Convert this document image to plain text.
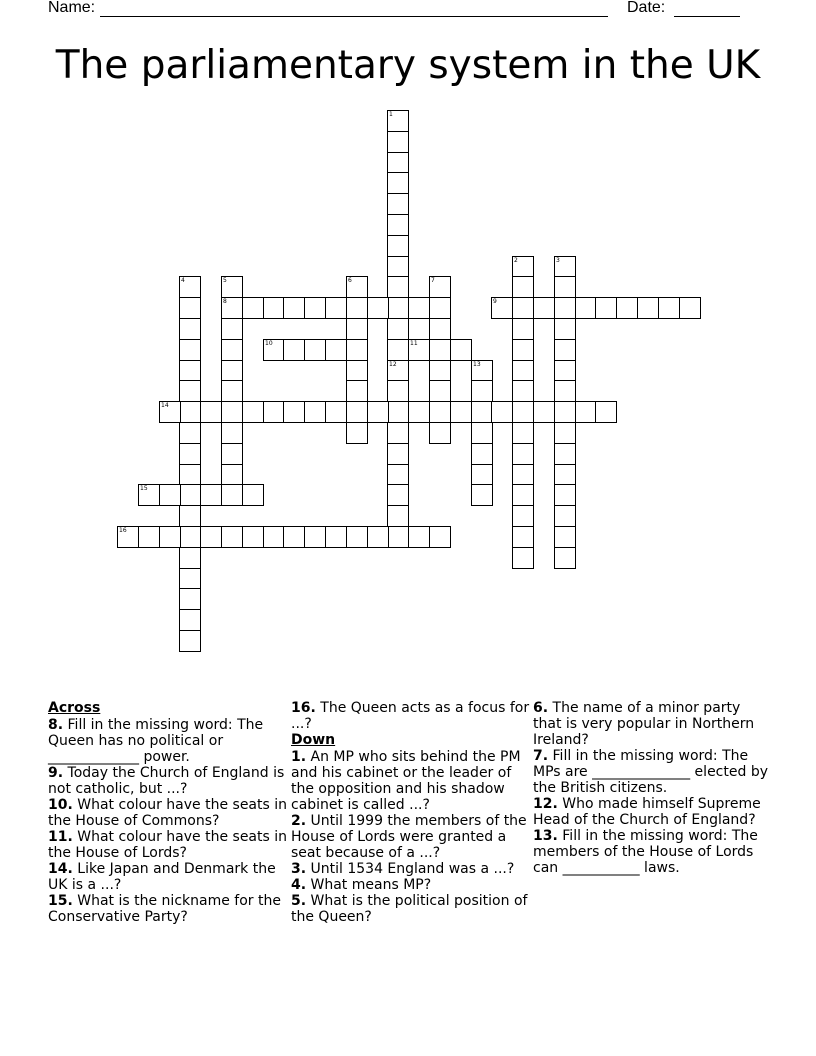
Name:	Date:
The parliamentary system in the UK
1
12
2	3
4	5
8
6	7
9
10	11
13
14
15
16
Across
8. Fill in the missing word: The Queen has no political or _____________ power.
9. Today the Church of England is not catholic, but ...?
10. What colour have the seats in the House of Commons?
11. What colour have the seats in the House of Lords?
14. Like Japan and Denmark the UK is a ...?
15. What is the nickname for the Conservative Party?
16. The Queen acts as a focus for ...?
Down
1. An MP who sits behind the PM and his cabinet or the leader of the opposition and his shadow cabinet is called ...?
2. Until 1999 the members of the House of Lords were granted a seat because of a ...?
3. Until 1534 England was a ...?
4. What means MP?
5. What is the political position of the Queen?
6. The name of a minor party that is very popular in Northern Ireland?
7. Fill in the missing word: The MPs are ______________ elected by the British citizens.
12. Who made himself Supreme Head of the Church of England?
13. Fill in the missing word: The members of the House of Lords can ___________ laws.
